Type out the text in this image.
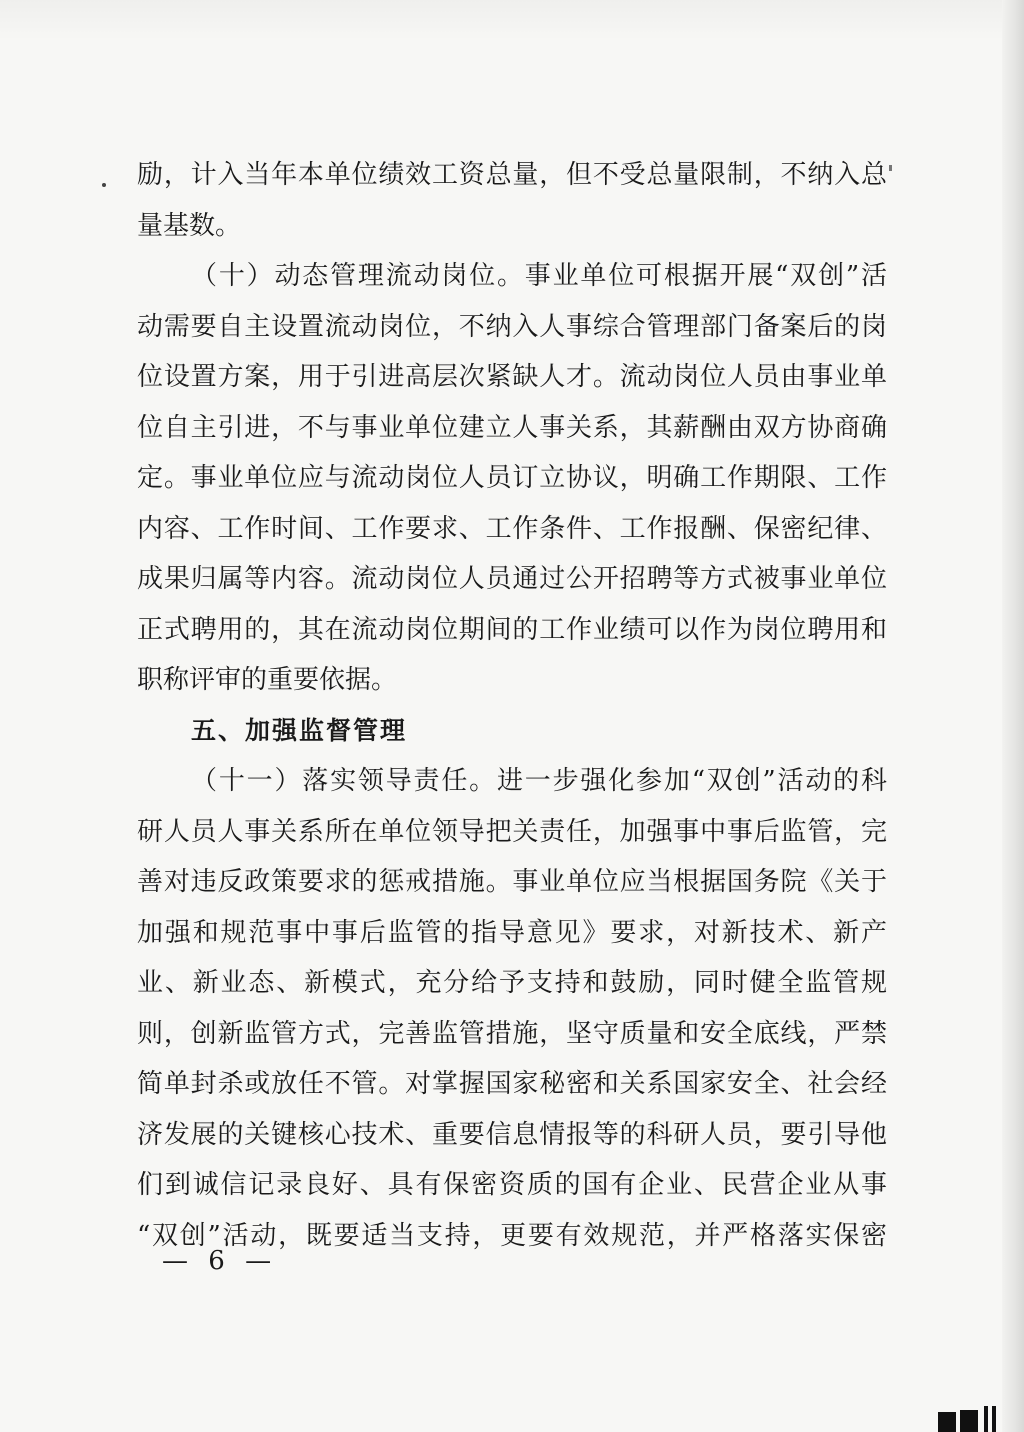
励，计入当年本单位绩效工资总量，但不受总量限制，不纳入总
量基数。
（十）动态管理流动岗位。事业单位可根据开展“双创”活
动需要自主设置流动岗位，不纳入人事综合管理部门备案后的岗
位设置方案，用于引进高层次紧缺人才。流动岗位人员由事业单
位自主引进，不与事业单位建立人事关系，其薪酬由双方协商确
定。事业单位应与流动岗位人员订立协议，明确工作期限、工作
内容、工作时间、工作要求、工作条件、工作报酬、保密纪律、
成果归属等内容。流动岗位人员通过公开招聘等方式被事业单位
正式聘用的，其在流动岗位期间的工作业绩可以作为岗位聘用和
职称评审的重要依据。
五、加强监督管理
（十一）落实领导责任。进一步强化参加“双创”活动的科
研人员人事关系所在单位领导把关责任，加强事中事后监管，完
善对违反政策要求的惩戒措施。事业单位应当根据国务院《关于
加强和规范事中事后监管的指导意见》要求，对新技术、新产
业、新业态、新模式，充分给予支持和鼓励，同时健全监管规
则，创新监管方式，完善监管措施，坚守质量和安全底线，严禁
简单封杀或放任不管。对掌握国家秘密和关系国家安全、社会经
济发展的关键核心技术、重要信息情报等的科研人员，要引导他
们到诚信记录良好、具有保密资质的国有企业、民营企业从事
“双创”活动，既要适当支持，更要有效规范，并严格落实保密
— 6 —
